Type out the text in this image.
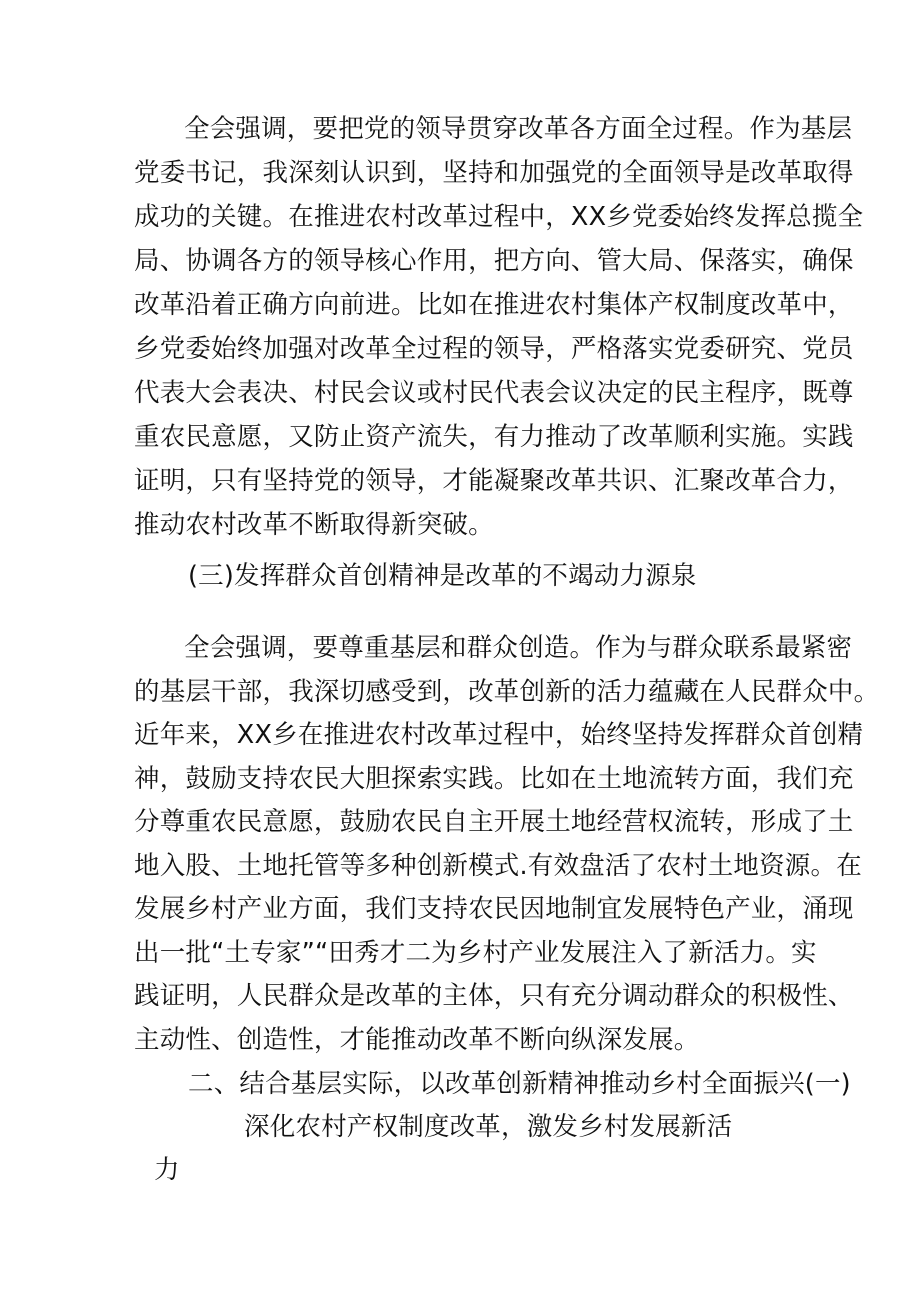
全会强调，要把党的领导贯穿改革各方面全过程。作为基层
党委书记，我深刻认识到，坚持和加强党的全面领导是改革取得
成功的关键。在推进农村改革过程中，XX乡党委始终发挥总揽全
局、协调各方的领导核心作用，把方向、管大局、保落实，确保
改革沿着正确方向前进。比如在推进农村集体产权制度改革中，
乡党委始终加强对改革全过程的领导，严格落实党委研究、党员
代表大会表决、村民会议或村民代表会议决定的民主程序，既尊
重农民意愿，又防止资产流失，有力推动了改革顺利实施。实践
证明，只有坚持党的领导，才能凝聚改革共识、汇聚改革合力，
推动农村改革不断取得新突破。
(三)发挥群众首创精神是改革的不竭动力源泉
全会强调，要尊重基层和群众创造。作为与群众联系最紧密
的基层干部，我深切感受到，改革创新的活力蕴藏在人民群众中。
近年来，XX乡在推进农村改革过程中，始终坚持发挥群众首创精
神，鼓励支持农民大胆探索实践。比如在土地流转方面，我们充
分尊重农民意愿，鼓励农民自主开展土地经营权流转，形成了土
地入股、土地托管等多种创新模式.有效盘活了农村土地资源。在
发展乡村产业方面，我们支持农民因地制宜发展特色产业，涌现
出一批“土专家”“田秀才二为乡村产业发展注入了新活力。实
践证明，人民群众是改革的主体，只有充分调动群众的积极性、
主动性、创造性，才能推动改革不断向纵深发展。
二、结合基层实际，以改革创新精神推动乡村全面振兴(一)
深化农村产权制度改革，激发乡村发展新活
力
